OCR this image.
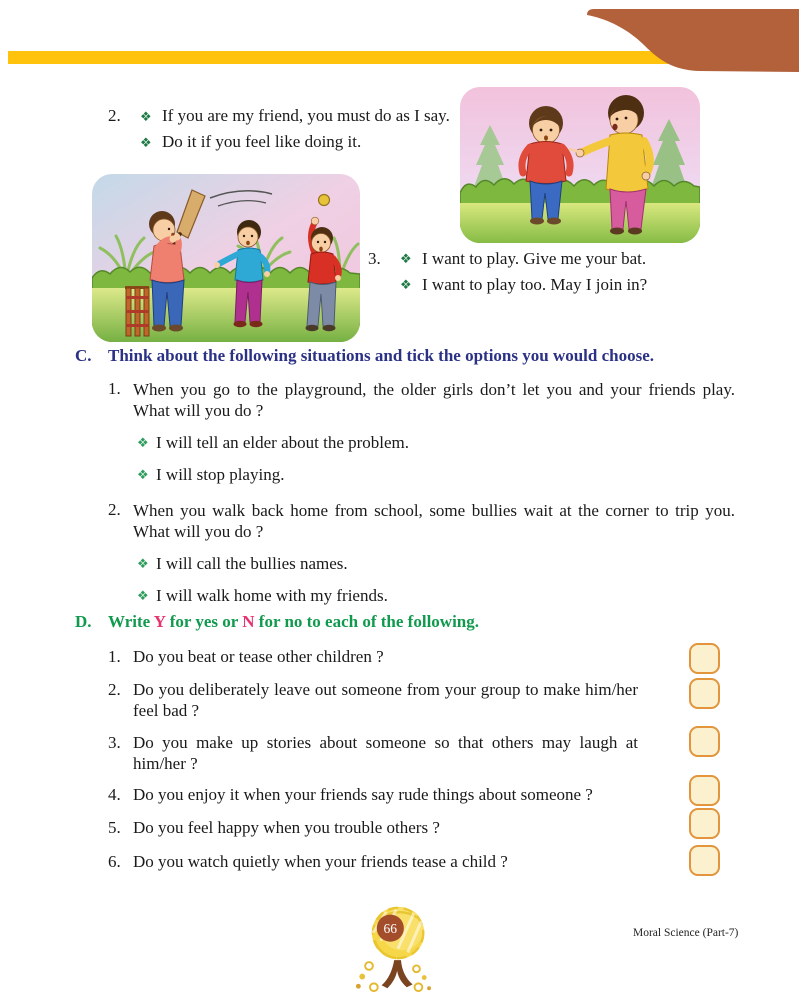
2.	❖ If you are my friend, you must do as I say.
❖ Do it if you feel like doing it.
3.	❖ I want to play. Give me your bat.
❖ I want to play too. May I join in?
C. Think about the following situations and tick the options you would choose.
1. When you go to the playground, the older girls don’t let you and your friends play. What will you do ?
❖ I will tell an elder about the problem.
❖ I will stop playing.
2. When you walk back home from school, some bullies wait at the corner to trip you. What will you do ?
❖ I will call the bullies names.
❖ I will walk home with my friends.
D. Write Y for yes or N for no to each of the following.
1. Do you beat or tease other children ?
2. Do you deliberately leave out someone from your group to make him/her feel bad ?
3. Do you make up stories about someone so that others may laugh at him/her ?
4. Do you enjoy it when your friends say rude things about someone ?
5. Do you feel happy when you trouble others ?
6. Do you watch quietly when your friends tease a child ?
66	Moral Science (Part-7)
